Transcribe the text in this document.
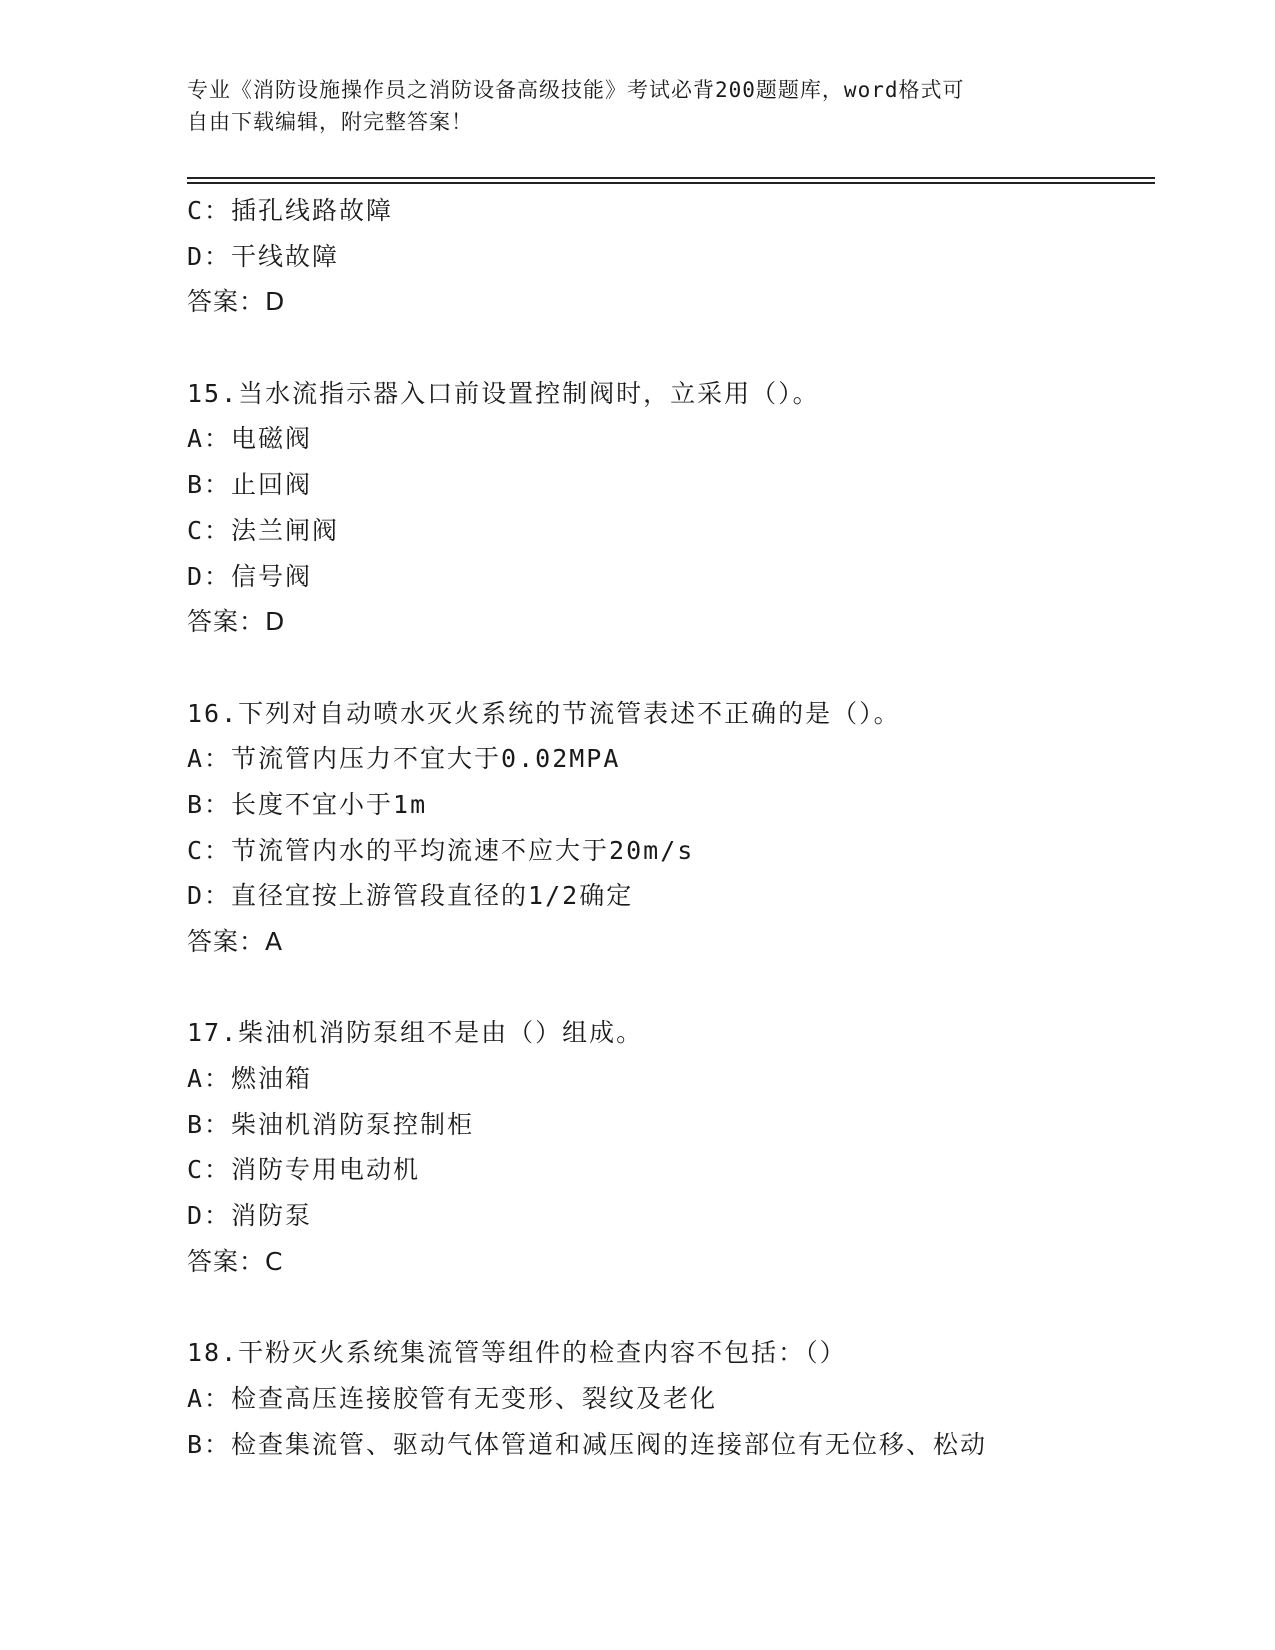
专业《消防设施操作员之消防设备高级技能》考试必背200题题库，word格式可
自由下载编辑，附完整答案！
C：插孔线路故障
D：干线故障
答案：D
15.当水流指示器入口前设置控制阀时，立采用（）。
A：电磁阀
B：止回阀
C：法兰闸阀
D：信号阀
答案：D
16.下列对自动喷水灭火系统的节流管表述不正确的是（）。
A：节流管内压力不宜大于0.02MPA
B：长度不宜小于1m
C：节流管内水的平均流速不应大于20m/s
D：直径宜按上游管段直径的1/2确定
答案：A
17.柴油机消防泵组不是由（）组成。
A：燃油箱
B：柴油机消防泵控制柜
C：消防专用电动机
D：消防泵
答案：C
18.干粉灭火系统集流管等组件的检查内容不包括：（）
A：检查高压连接胶管有无变形、裂纹及老化
B：检查集流管、驱动气体管道和减压阀的连接部位有无位移、松动
